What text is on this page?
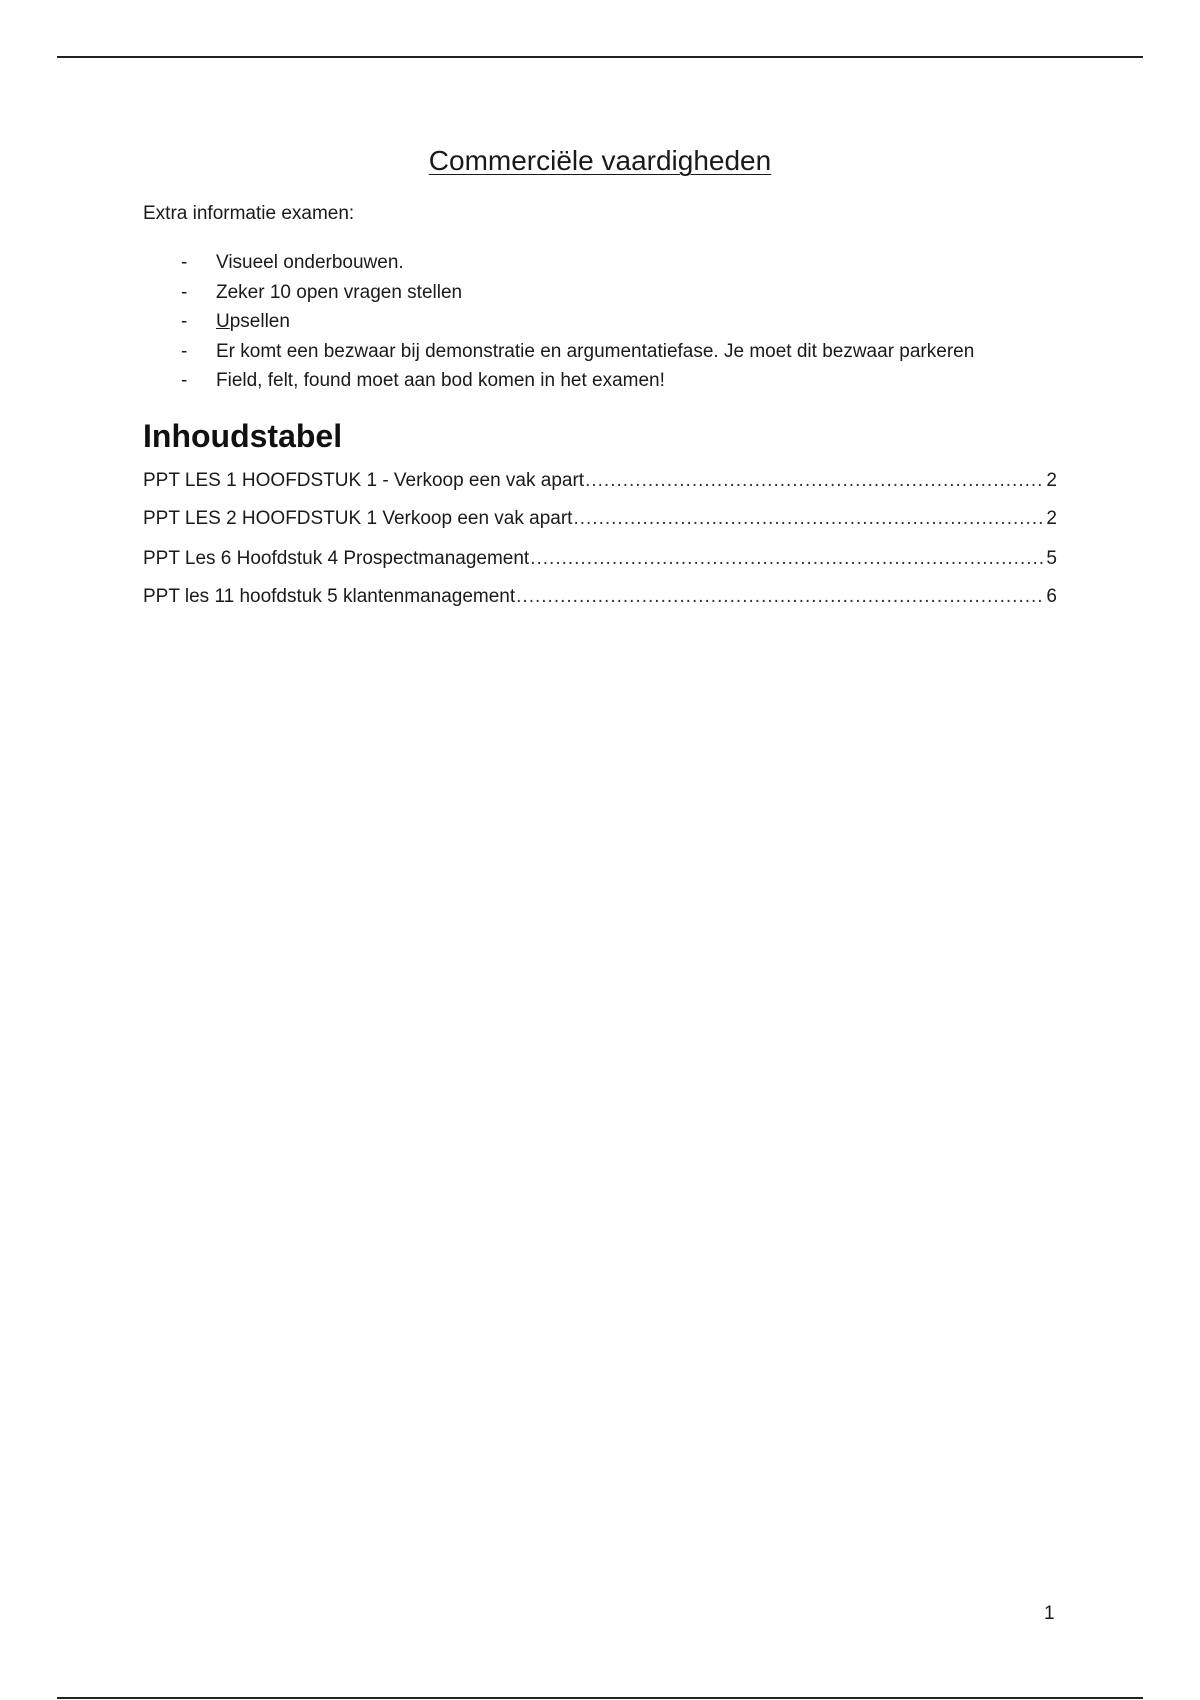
Commerciële vaardigheden
Extra informatie examen:
- Visueel onderbouwen.
- Zeker 10 open vragen stellen
- Upsellen
- Er komt een bezwaar bij demonstratie en argumentatiefase. Je moet dit bezwaar parkeren
- Field, felt, found moet aan bod komen in het examen!
Inhoudstabel
PPT LES 1 HOOFDSTUK 1 - Verkoop een vak apart .....	2
PPT LES 2 HOOFDSTUK 1 Verkoop een vak apart .....	2
PPT Les 6 Hoofdstuk 4 Prospectmanagement .....	5
PPT les 11 hoofdstuk 5 klantenmanagement .....	6
1
